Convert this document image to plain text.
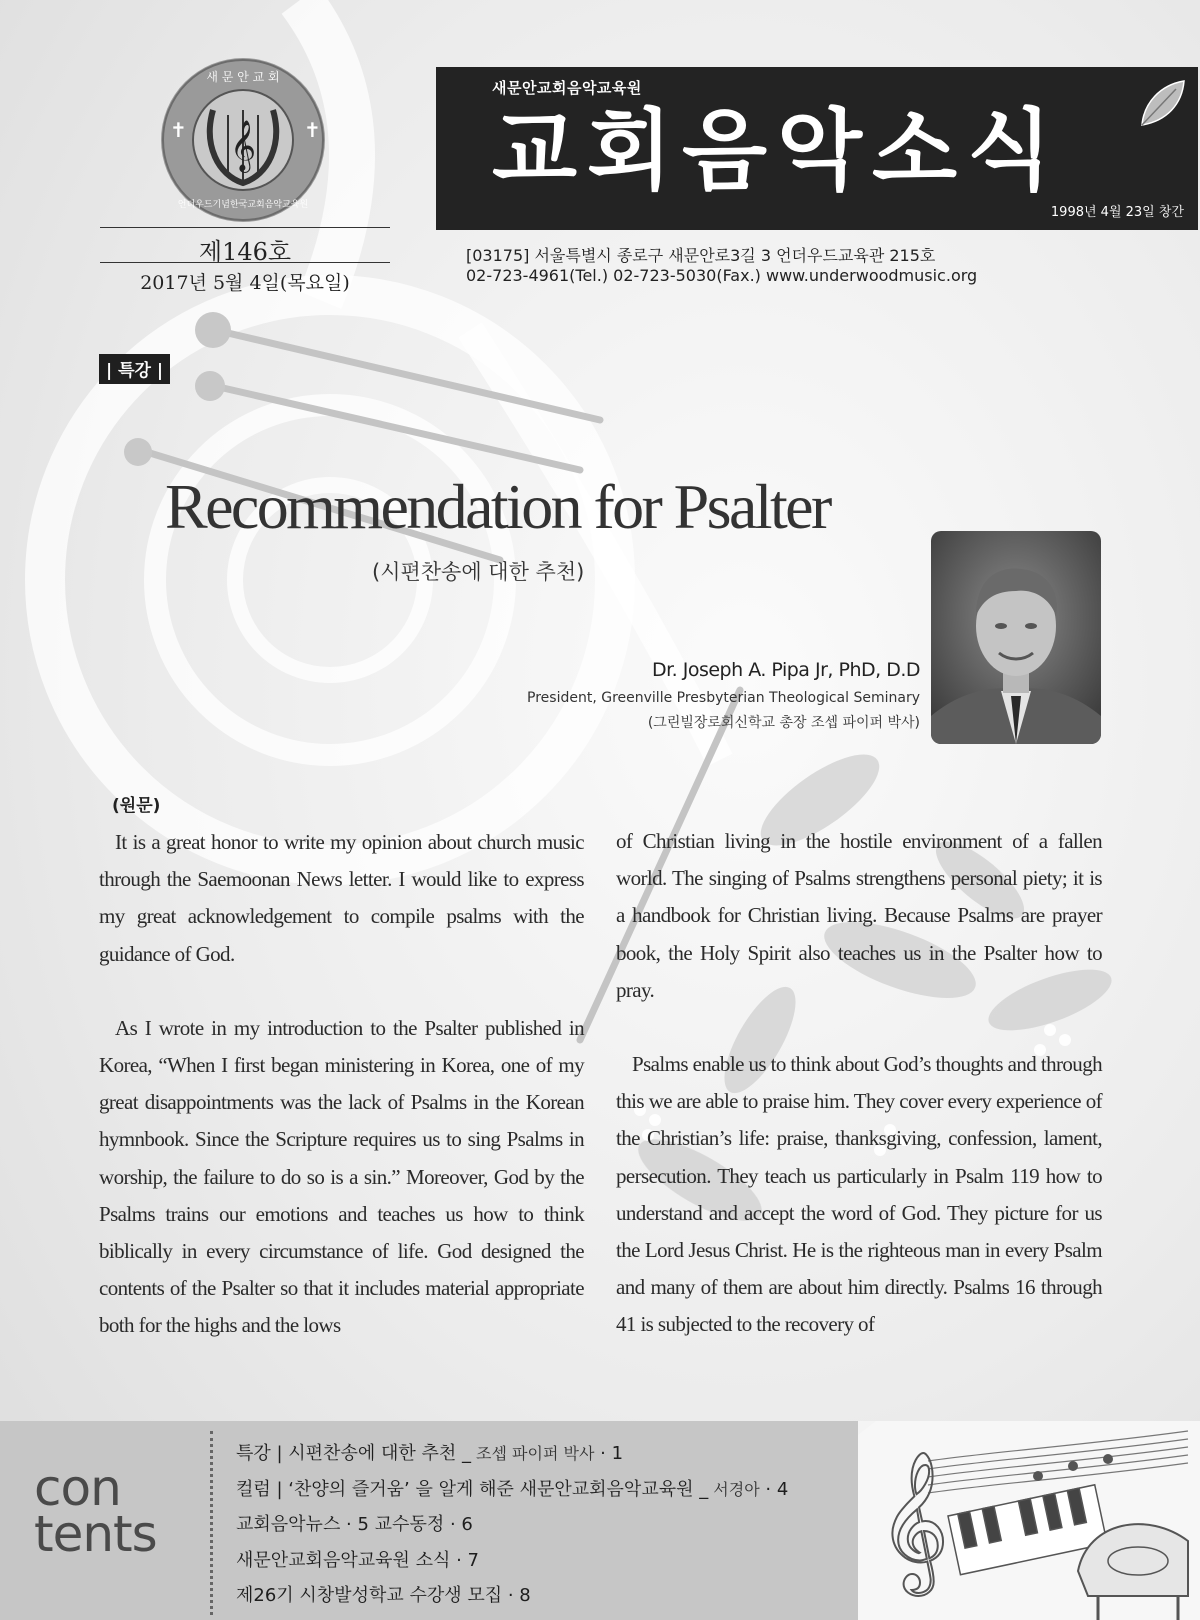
𝄞
✝	✝
새 문 안 교 회
언더우드기념한국교회음악교육원
제146호
2017년 5월 4일(목요일)
새문안교회음악교육원
교회음악소식
1998년 4월 23일 창간
[03175] 서울특별시 종로구 새문안로3길 3 언더우드교육관 215호
02-723-4961(Tel.) 02-723-5030(Fax.) www.underwoodmusic.org
| 특강 |
Recommendation for Psalter
(시편찬송에 대한 추천)
Dr. Joseph A. Pipa Jr, PhD, D.D
President, Greenville Presbyterian Theological Seminary
(그린빌장로회신학교 총장 조셉 파이퍼 박사)
(원문)

It is a great honor to write my opinion about church music through the Saemoonan News letter. I would like to express my great acknowledgement to compile psalms with the guidance of God.

As I wrote in my introduction to the Psalter published in Korea, “When I first began ministering in Korea, one of my great disappointments was the lack of Psalms in the Korean hymnbook. Since the Scripture requires us to sing Psalms in worship, the failure to do so is a sin.” Moreover, God by the Psalms trains our emotions and teaches us how to think biblically in every circumstance of life. God designed the contents of the Psalter so that it includes material appropriate both for the highs and the lows

of Christian living in the hostile environment of a fallen world. The singing of Psalms strengthens personal piety; it is a handbook for Christian living. Because Psalms are prayer book, the Holy Spirit also teaches us in the Psalter how to pray.

Psalms enable us to think about God’s thoughts and through this we are able to praise him. They cover every experience of the Christian’s life: praise, thanksgiving, confession, lament, persecution. They teach us particularly in Psalm 119 how to understand and accept the word of God. They picture for us the Lord Jesus Christ. He is the righteous man in every Psalm and many of them are about him directly. Psalms 16 through 41 is subjected to the recovery of

con
tents
특강 | 시편찬송에 대한 추천 _ 조셉 파이퍼 박사 · 1
컬럼 | ‘찬양의 즐거움’ 을 알게 해준 새문안교회음악교육원 _ 서경아 · 4
교회음악뉴스 · 5 교수동정 · 6
새문안교회음악교육원 소식 · 7
제26기 시창발성학교 수강생 모집 · 8
𝄞
